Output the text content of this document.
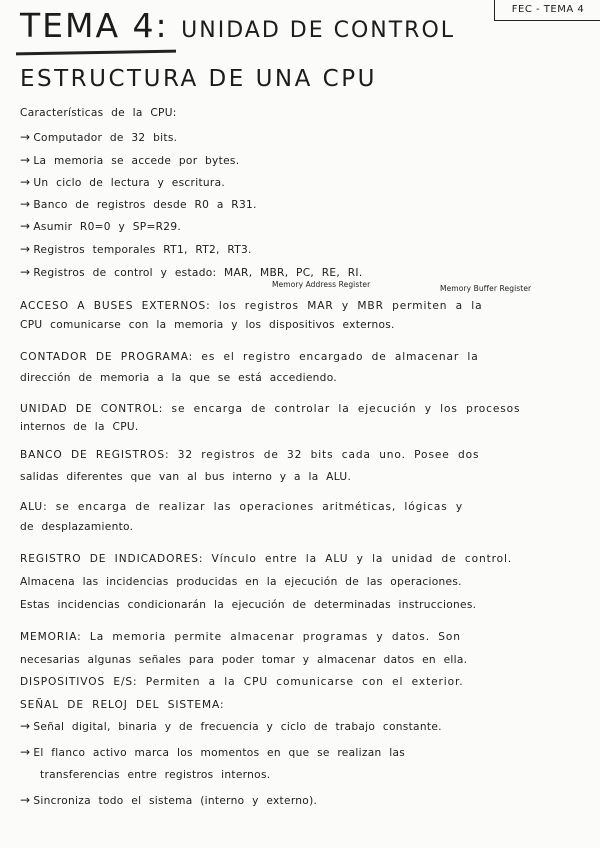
FEC - TEMA 4
TEMA 4: UNIDAD DE CONTROL
ESTRUCTURA DE UNA CPU
Características de la CPU:
→ Computador de 32 bits.
→ La memoria se accede por bytes.
→ Un ciclo de lectura y escritura.
→ Banco de registros desde R0 a R31.
→ Asumir R0=0 y SP=R29.
→ Registros temporales RT1, RT2, RT3.
→ Registros de control y estado: MAR, MBR, PC, RE, RI.
Memory Address Register	Memory Buffer Register
ACCESO A BUSES EXTERNOS: los registros MAR y MBR permiten a la
CPU comunicarse con la memoria y los dispositivos externos.
CONTADOR DE PROGRAMA: es el registro encargado de almacenar la
dirección de memoria a la que se está accediendo.
UNIDAD DE CONTROL: se encarga de controlar la ejecución y los procesos
internos de la CPU.
BANCO DE REGISTROS: 32 registros de 32 bits cada uno. Posee dos
salidas diferentes que van al bus interno y a la ALU.
ALU: se encarga de realizar las operaciones aritméticas, lógicas y
de desplazamiento.
REGISTRO DE INDICADORES: Vínculo entre la ALU y la unidad de control.
Almacena las incidencias producidas en la ejecución de las operaciones.
Estas incidencias condicionarán la ejecución de determinadas instrucciones.
MEMORIA: La memoria permite almacenar programas y datos. Son
necesarias algunas señales para poder tomar y almacenar datos en ella.
DISPOSITIVOS E/S: Permiten a la CPU comunicarse con el exterior.
SEÑAL DE RELOJ DEL SISTEMA:
→ Señal digital, binaria y de frecuencia y ciclo de trabajo constante.
→ El flanco activo marca los momentos en que se realizan las
transferencias entre registros internos.
→ Sincroniza todo el sistema (interno y externo).
